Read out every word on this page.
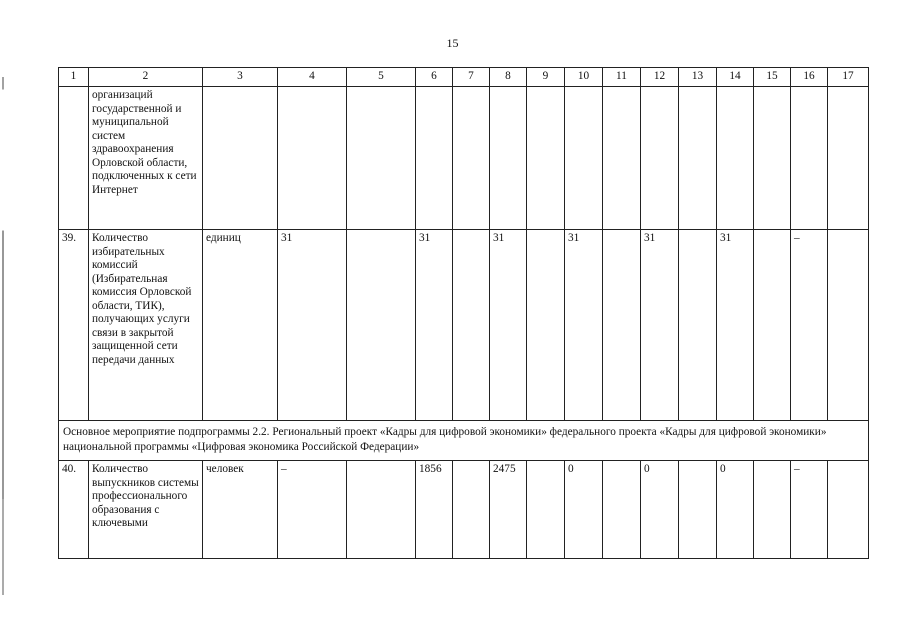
15
1	2	3	4	5	6	7	8	9	10	11	12	13	14	15	16	17
	организаций государственной и муниципальной систем здравоохранения Орловской области, подключенных к сети Интернет															
39.	Количество избирательных комиссий (Избирательная комиссия Орловской области, ТИК), получающих услуги связи в закрытой защищенной сети передачи данных	единиц	31		31		31		31		31		31		–	
Основное мероприятие подпрограммы 2.2. Региональный проект «Кадры для цифровой экономики» федерального проекта «Кадры для цифровой экономики» национальной программы «Цифровая экономика Российской Федерации»																
40.	Количество выпускников системы профессионального образования с ключевыми	человек	–		1856		2475		0		0		0		–	
